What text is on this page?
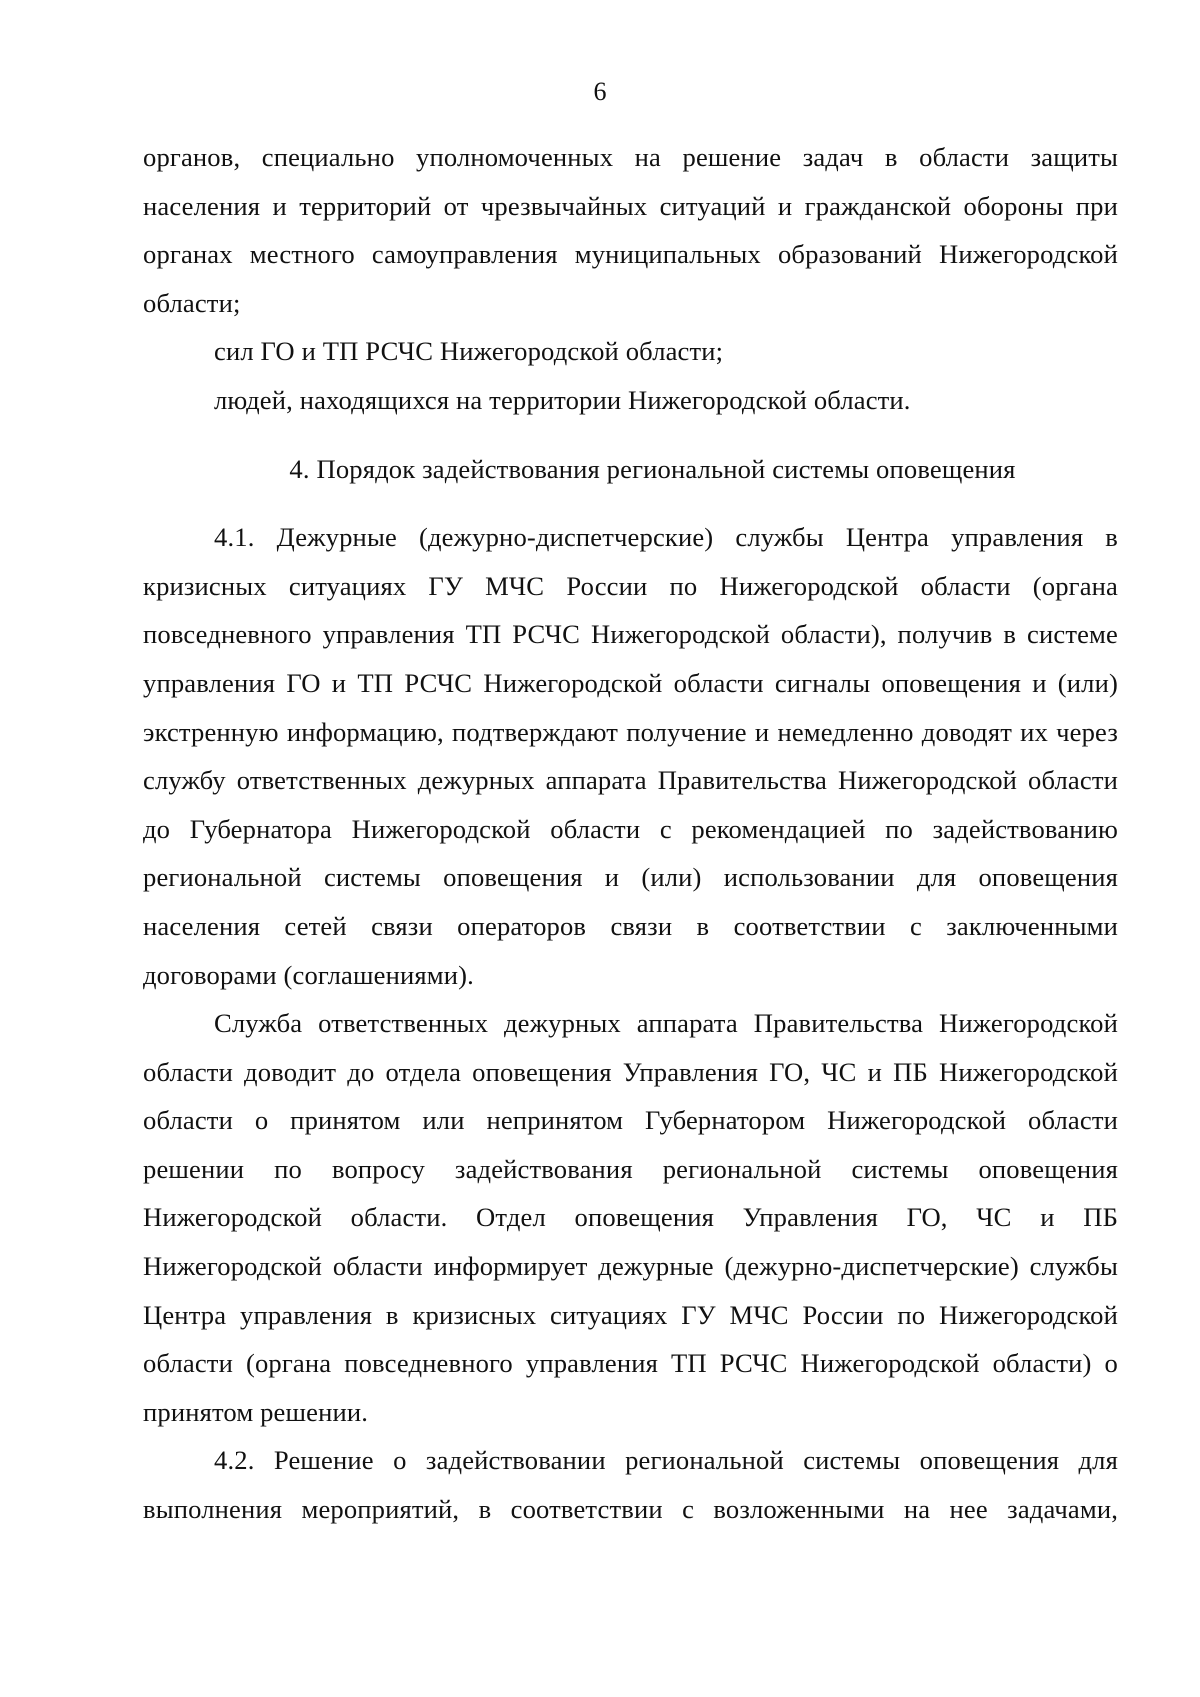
6

органов, специально уполномоченных на решение задач в области защиты населения и территорий от чрезвычайных ситуаций и гражданской обороны при органах местного самоуправления муниципальных образований Нижегородской области;

сил ГО и ТП РСЧС Нижегородской области;

людей, находящихся на территории Нижегородской области.

4. Порядок задействования региональной системы оповещения

4.1. Дежурные (дежурно-диспетчерские) службы Центра управления в кризисных ситуациях ГУ МЧС России по Нижегородской области (органа повседневного управления ТП РСЧС Нижегородской области), получив в системе управления ГО и ТП РСЧС Нижегородской области сигналы оповещения и (или) экстренную информацию, подтверждают получение и немедленно доводят их через службу ответственных дежурных аппарата Правительства Нижегородской области до Губернатора Нижегородской области с рекомендацией по задействованию региональной системы оповещения и (или) использовании для оповещения населения сетей связи операторов связи в соответствии с заключенными договорами (соглашениями).

Служба ответственных дежурных аппарата Правительства Нижегородской области доводит до отдела оповещения Управления ГО, ЧС и ПБ Нижегородской области о принятом или непринятом Губернатором Нижегородской области решении по вопросу задействования региональной системы оповещения Нижегородской области. Отдел оповещения Управления ГО, ЧС и ПБ Нижегородской области информирует дежурные (дежурно-диспетчерские) службы Центра управления в кризисных ситуациях ГУ МЧС России по Нижегородской области (органа повседневного управления ТП РСЧС Нижегородской области) о принятом решении.

4.2. Решение о задействовании региональной системы оповещения для выполнения мероприятий, в соответствии с возложенными на нее задачами,
